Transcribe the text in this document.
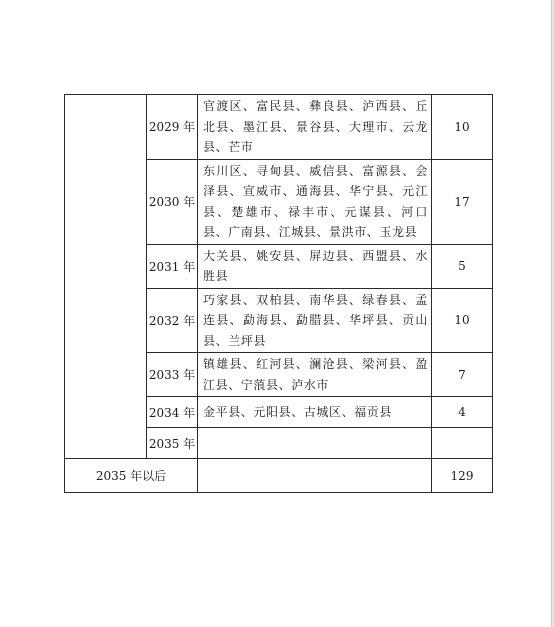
	2029 年	官渡区、富民县、彝良县、泸西县、丘北县、墨江县、景谷县、大理市、云龙县、芒市	10
	2030 年	东川区、寻甸县、威信县、富源县、会泽县、宣威市、通海县、华宁县、元江县、楚雄市、禄丰市、元谋县、河口县、广南县、江城县、景洪市、玉龙县	17
	2031 年	大关县、姚安县、屏边县、西盟县、水胜县	5
	2032 年	巧家县、双柏县、南华县、绿春县、孟连县、勐海县、勐腊县、华坪县、贡山县、兰坪县	10
	2033 年	镇雄县、红河县、澜沧县、梁河县、盈江县、宁蒗县、泸水市	7
	2034 年	金平县、元阳县、古城区、福贡县	4
	2035 年		
2035 年以后			129
